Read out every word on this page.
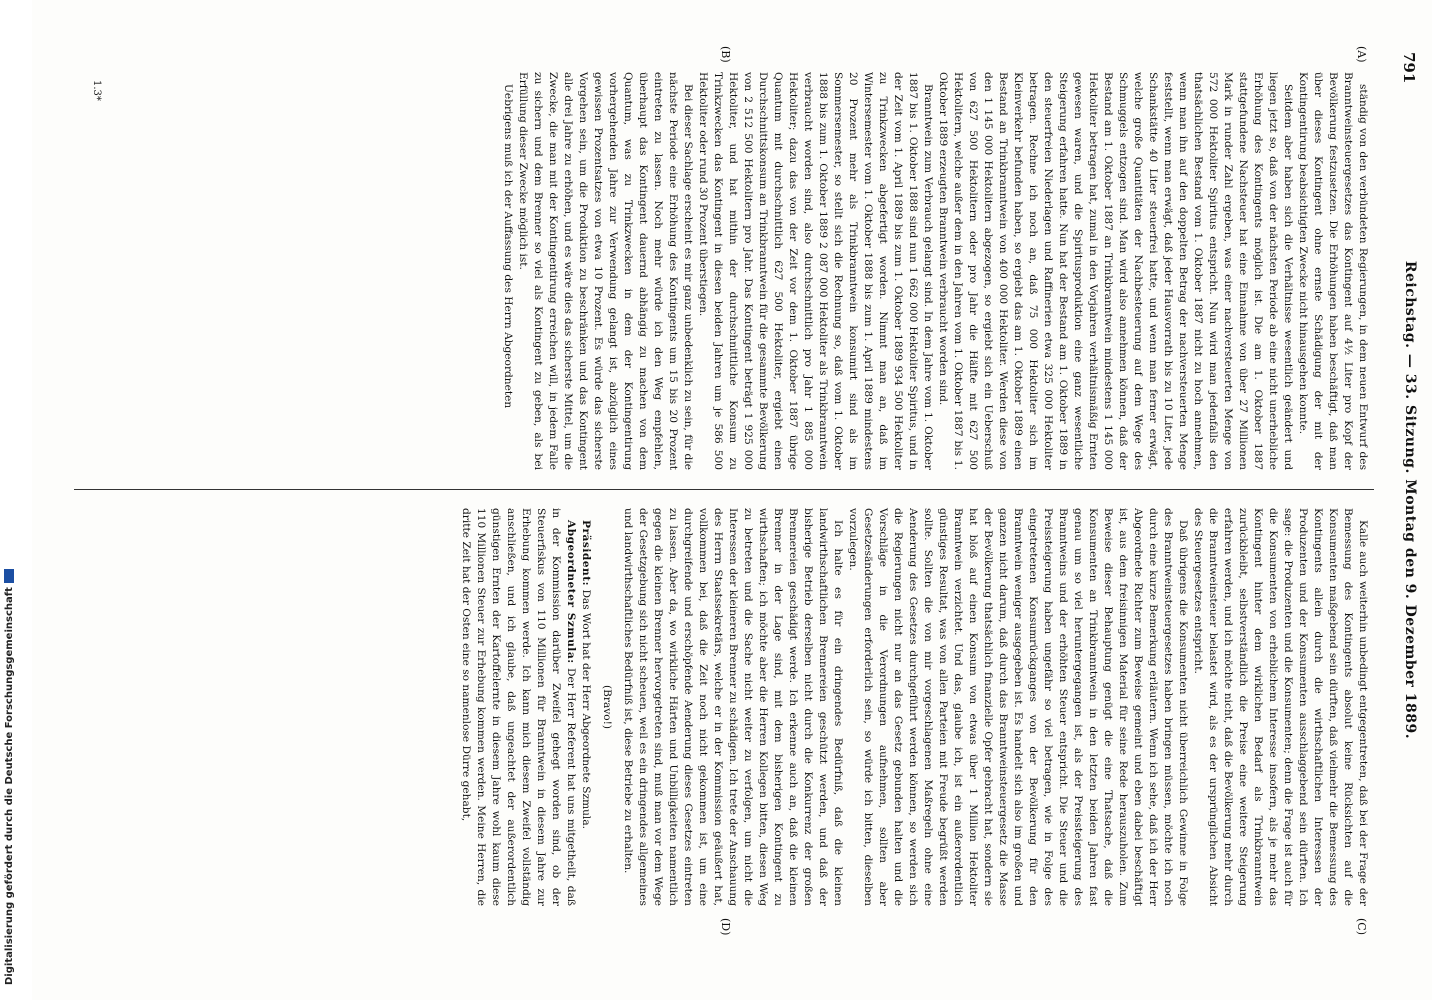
791
Reichstag. — 33. Sitzung. Montag den 9. Dezember 1889.
(A)
(B)
(C)
(D)

ständig von den verbündeten Regierungen, in dem neuen Entwurf des Branntweinsteuergesetzes das Kontingent auf 4½ Liter pro Kopf der Bevölkerung festzusetzen. Die Erhöhungen haben beschäftigt, daß man über dieses Kontingent ohne ernste Schädigung der mit der Kontingentirung beabsichtigten Zwecke nicht hinausgehen konnte.

Seitdem aber haben sich die Verhältnisse wesentlich geändert und liegen jetzt so, daß von der nächsten Periode ab eine nicht unerhebliche Erhöhung des Kontingents möglich ist. Die am 1. Oktober 1887 stattgefundene Nachsteuer hat eine Einnahme von über 27 Millionen Mark in runder Zahl ergeben, was einer nachversteuerten Menge von 572 000 Hektoliter Spiritus entspricht. Nun wird man jedenfalls den thatsächlichen Bestand vom 1. Oktober 1887 nicht zu hoch annehmen, wenn man ihn auf den doppelten Betrag der nachversteuerten Menge feststellt, wenn man erwägt, daß jeder Hausvorrath bis zu 10 Liter, jede Schankstätte 40 Liter steuerfrei hatte, und wenn man ferner erwägt, welche große Quantitäten der Nachbesteuerung auf dem Wege des Schmuggels entzogen sind. Man wird also annehmen können, daß der Bestand am 1. Oktober 1887 an Trinkbranntwein mindestens 1 145 000 Hektoliter betragen hat, zumal in den Vorjahren verhältnismäßig Ernten gewesen waren, und die Spiritusproduktion eine ganz wesentliche Steigerung erfahren hatte. Nun hat der Bestand am 1. Oktober 1889 in den steuerfreien Niederlagen und Raffinerien etwa 325 000 Hektoliter betragen. Rechne ich noch an, daß 75 000 Hektoliter sich im Kleinverkehr befunden haben, so ergiebt das am 1. Oktober 1889 einen Bestand an Trinkbranntwein von 400 000 Hektoliter. Werden diese von den 1 145 000 Hektolitern abgezogen, so ergiebt sich ein Ueberschuß von 627 500 Hektolitern oder pro Jahr die Hälfte mit 627 500 Hektolitern, welche außer dem in den Jahren vom 1. Oktober 1887 bis 1. Oktober 1889 erzeugten Branntwein verbraucht worden sind.

Branntwein zum Verbrauch gelangt sind. In dem Jahre vom 1. Oktober 1887 bis 1. Oktober 1888 sind nun 1 662 000 Hektoliter Spiritus, und in der Zeit vom 1. April 1889 bis zum 1. Oktober 1889 934 500 Hektoliter zu Trinkzwecken abgefertigt worden. Nimmt man an, daß im Wintersemester vom 1. Oktober 1888 bis zum 1. April 1889 mindestens 20 Prozent mehr als Trinkbranntwein konsumirt sind als im Sommersemester, so stellt sich die Rechnung so, daß vom 1. Oktober 1888 bis zum 1. Oktober 1889 2 087 000 Hektoliter als Trinkbranntwein verbraucht worden sind, also durchschnittlich pro Jahr 1 885 000 Hektoliter; dazu das von der Zeit vor dem 1. Oktober 1887 übrige Quantum mit durchschnittlich 627 500 Hektoliter, ergiebt einen Durchschnittskonsum an Trinkbranntwein für die gesammte Bevölkerung von 2 512 500 Hektolitern pro Jahr. Das Kontingent beträgt 1 925 000 Hektoliter, und hat mithin der durchschnittliche Konsum zu Trinkzwecken das Kontingent in diesen beiden Jahren um je 586 500 Hektoliter oder rund 30 Prozent überstiegen.

Bei dieser Sachlage erscheint es mir ganz unbedenklich zu sein, für die nächste Periode eine Erhöhung des Kontingents um 15 bis 20 Prozent eintreten zu lassen. Noch mehr würde ich den Weg empfehlen, überhaupt das Kontingent dauernd abhängig zu machen von dem Quantum, was zu Trinkzwecken in dem der Kontingentirung vorhergehenden Jahre zur Verwendung gelangt ist, abzüglich eines gewissen Prozentsatzes von etwa 10 Prozent. Es würde das sicherste Vorgehen sein, um die Produktion zu beschränken und das Kontingent alle drei Jahre zu erhöhen, und es wäre dies das sicherste Mittel, um die Zwecke, die man mit der Kontingentirung erreichen will, in jedem Falle zu sichern und dem Brenner so viel als Kontingent zu geben, als bei Erfüllung dieser Zwecke möglich ist.

Uebrigens muß ich der Auffassung des Herrn Abgeordneten

Kalle auch weiterhin unbedingt entgegentreten, daß bei der Frage der Bemessung des Kontingents absolut keine Rücksichten auf die Konsumenten maßgebend sein dürften, daß vielmehr die Bemessung des Kontingents allein durch die wirthschaftlichen Interessen der Produzenten und der Konsumenten ausschlaggebend sein dürften. Ich sage: die Produzenten und die Konsumenten; denn die Frage ist auch für die Konsumenten von erheblichem Interesse insofern, als je mehr das Kontingent hinter dem wirklichen Bedarf als Trinkbranntwein zurückbleibt, selbstverständlich die Preise eine weitere Steigerung erfahren werden, und ich möchte nicht, daß die Bevölkerung mehr durch die Branntweinsteuer belastet wird, als es der ursprünglichen Absicht des Steuergesetzes entspricht.

Daß übrigens die Konsumenten nicht überreichlich Gewinne in Folge des Branntweinsteuergesetzes haben bringen müssen, möchte ich noch durch eine kurze Bemerkung erläutern. Wenn ich sehe, daß ich der Herr Abgeordnete Richter zum Beweise gemeint und eben dabei beschäftigt ist, aus dem freisinnigen Material für seine Rede herauszuholen. Zum Beweise dieser Behauptung genügt die eine Thatsache, daß die Konsumenten an Trinkbranntwein in den letzten beiden Jahren fast genau um so viel heruntergegangen ist, als der Preissteigerung des Branntweins und der erhöhten Steuer entspricht. Die Steuer und die Preissteigerung haben ungefähr so viel betragen, wie in Folge des eingetretenen Konsumrückganges von der Bevölkerung für den Branntwein weniger ausgegeben ist. Es handelt sich also im großen und ganzen nicht darum, daß durch das Branntweinsteuergesetz die Masse der Bevölkerung thatsächlich finanzielle Opfer gebracht hat, sondern sie hat bloß auf einen Konsum von etwas über 1 Million Hektoliter Branntwein verzichtet. Und das, glaube ich, ist ein außerordentlich günstiges Resultat, was von allen Parteien mit Freude begrüßt werden sollte. Sollten die von mir vorgeschlagenen Maßregeln ohne eine Aenderung des Gesetzes durchgeführt werden können, so werden sich die Regierungen nicht nur an das Gesetz gebunden halten und die Vorschläge in die Verordnungen aufnehmen, sollten aber Gesetzesänderungen erforderlich sein, so würde ich bitten, dieselben vorzulegen.

Ich halte es für ein dringendes Bedürfniß, daß die kleinen landwirthschaftlichen Brennereien geschützt werden, und daß der bisherige Betrieb derselben nicht durch die Konkurrenz der großen Brennereien geschädigt werde. Ich erkenne auch an, daß die kleinen Brenner in der Lage sind, mit dem bisherigen Kontingent zu wirthschaften; ich möchte aber die Herren Kollegen bitten, diesen Weg zu betreten und die Sache nicht weiter zu verfolgen, um nicht die Interessen der kleineren Brenner zu schädigen. Ich trete der Anschauung des Herrn Staatssekretärs, welche er in der Kommission geäußert hat, vollkommen bei, daß die Zeit noch nicht gekommen ist, um eine durchgreifende und erschöpfende Aenderung dieses Gesetzes eintreten zu lassen. Aber da, wo wirkliche Härten und Unbilligkeiten namentlich gegen die kleinen Brenner hervorgetreten sind, muß man vor dem Wege der Gesetzgebung sich nicht scheuen, weil es ein dringendes allgemeines und landwirthschaftliches Bedürfniß ist, diese Betriebe zu erhalten.

(Bravo!)

Präsident: Das Wort hat der Herr Abgeordnete Szmula.

Abgeordneter Szmula: Der Herr Referent hat uns mitgetheilt, daß in der Kommission darüber Zweifel gehegt worden sind, ob der Steuerfiskus von 110 Millionen für Branntwein in diesem Jahre zur Erhebung kommen werde. Ich kann mich diesem Zweifel vollständig anschließen, und ich glaube, daß ungeachtet der außerordentlich günstigen Ernten der Kartoffelernte in diesem Jahre wohl kaum diese 110 Millionen Steuer zur Erhebung kommen werden. Meine Herren, die dritte Zeit hat der Osten eine so namenlose Dürre gehabt,

1.3*
Digitalisierung gefördert durch die Deutsche Forschungsgemeinschaft
